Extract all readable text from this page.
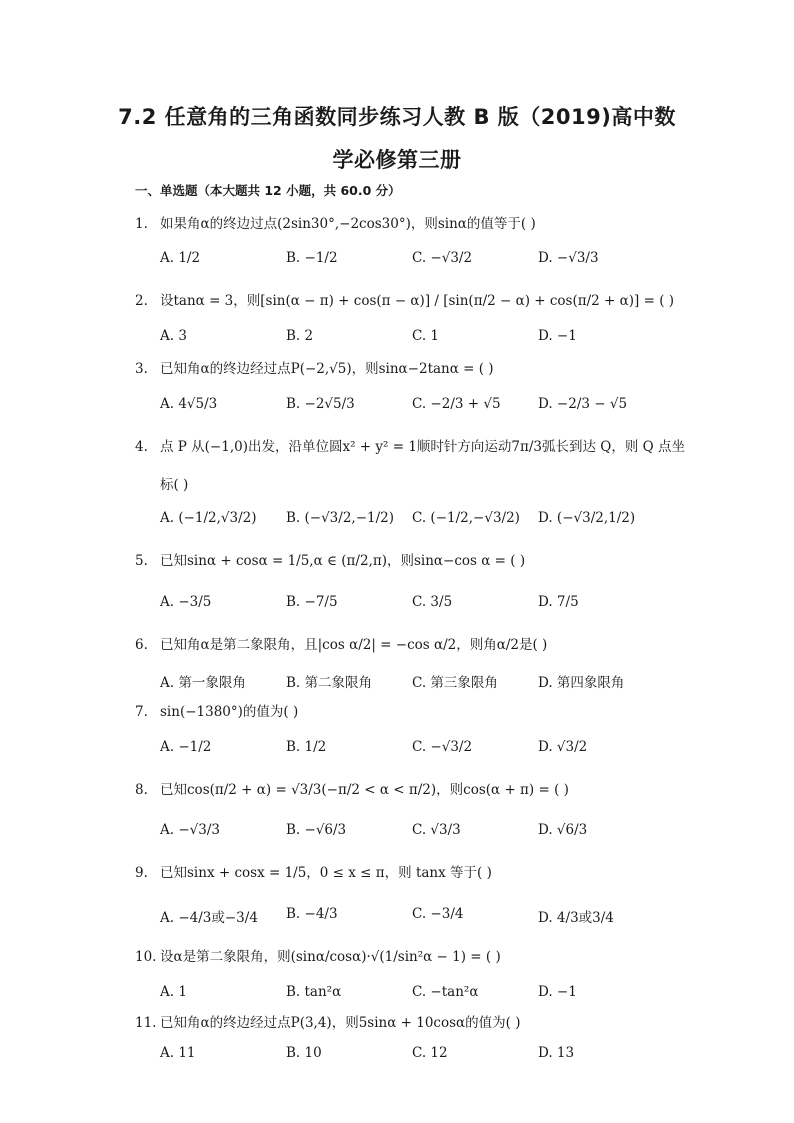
7.2 任意角的三角函数同步练习人教 B 版（2019)高中数
学必修第三册
一、单选题（本大题共 12 小题，共 60.0 分）
1. 如果角α的终边过点(2sin30°,−2cos30°)，则sinα的值等于( )
A. 1/2	B. −1/2	C. −√3/2	D. −√3/3
2. 设tanα = 3，则[sin(α − π) + cos(π − α)] / [sin(π/2 − α) + cos(π/2 + α)] = ( )
A. 3	B. 2	C. 1	D. −1
3. 已知角α的终边经过点P(−2,√5)，则sinα−2tanα = ( )
A. 4√5/3	B. −2√5/3	C. −2/3 + √5	D. −2/3 − √5
4. 点 P 从(−1,0)出发，沿单位圆x² + y² = 1顺时针方向运动7π/3弧长到达 Q，则 Q 点坐
标( )
A. (−1/2,√3/2) B. (−√3/2,−1/2) C. (−1/2,−√3/2) D. (−√3/2,1/2)
5. 已知sinα + cosα = 1/5,α ∈ (π/2,π)，则sinα−cos α = ( )
A. −3/5	B. −7/5	C. 3/5	D. 7/5
6. 已知角α是第二象限角，且|cos α/2| = −cos α/2，则角α/2是( )
A. 第一象限角	B. 第二象限角	C. 第三象限角	D. 第四象限角
7. sin(−1380°)的值为( )
A. −1/2	B. 1/2	C. −√3/2	D. √3/2
8. 已知cos(π/2 + α) = √3/3(−π/2 < α < π/2)，则cos(α + π) = ( )
A. −√3/3	B. −√6/3	C. √3/3	D. √6/3
9. 已知sinx + cosx = 1/5，0 ≤ x ≤ π，则 tanx 等于( )
A. −4/3或−3/4 B. −4/3	C. −3/4	D. 4/3或3/4
10. 设α是第二象限角，则(sinα/cosα)·√(1/sin²α − 1) = ( )
A. 1	B. tan²α	C. −tan²α	D. −1
11. 已知角α的终边经过点P(3,4)，则5sinα + 10cosα的值为( )
A. 11	B. 10	C. 12	D. 13
